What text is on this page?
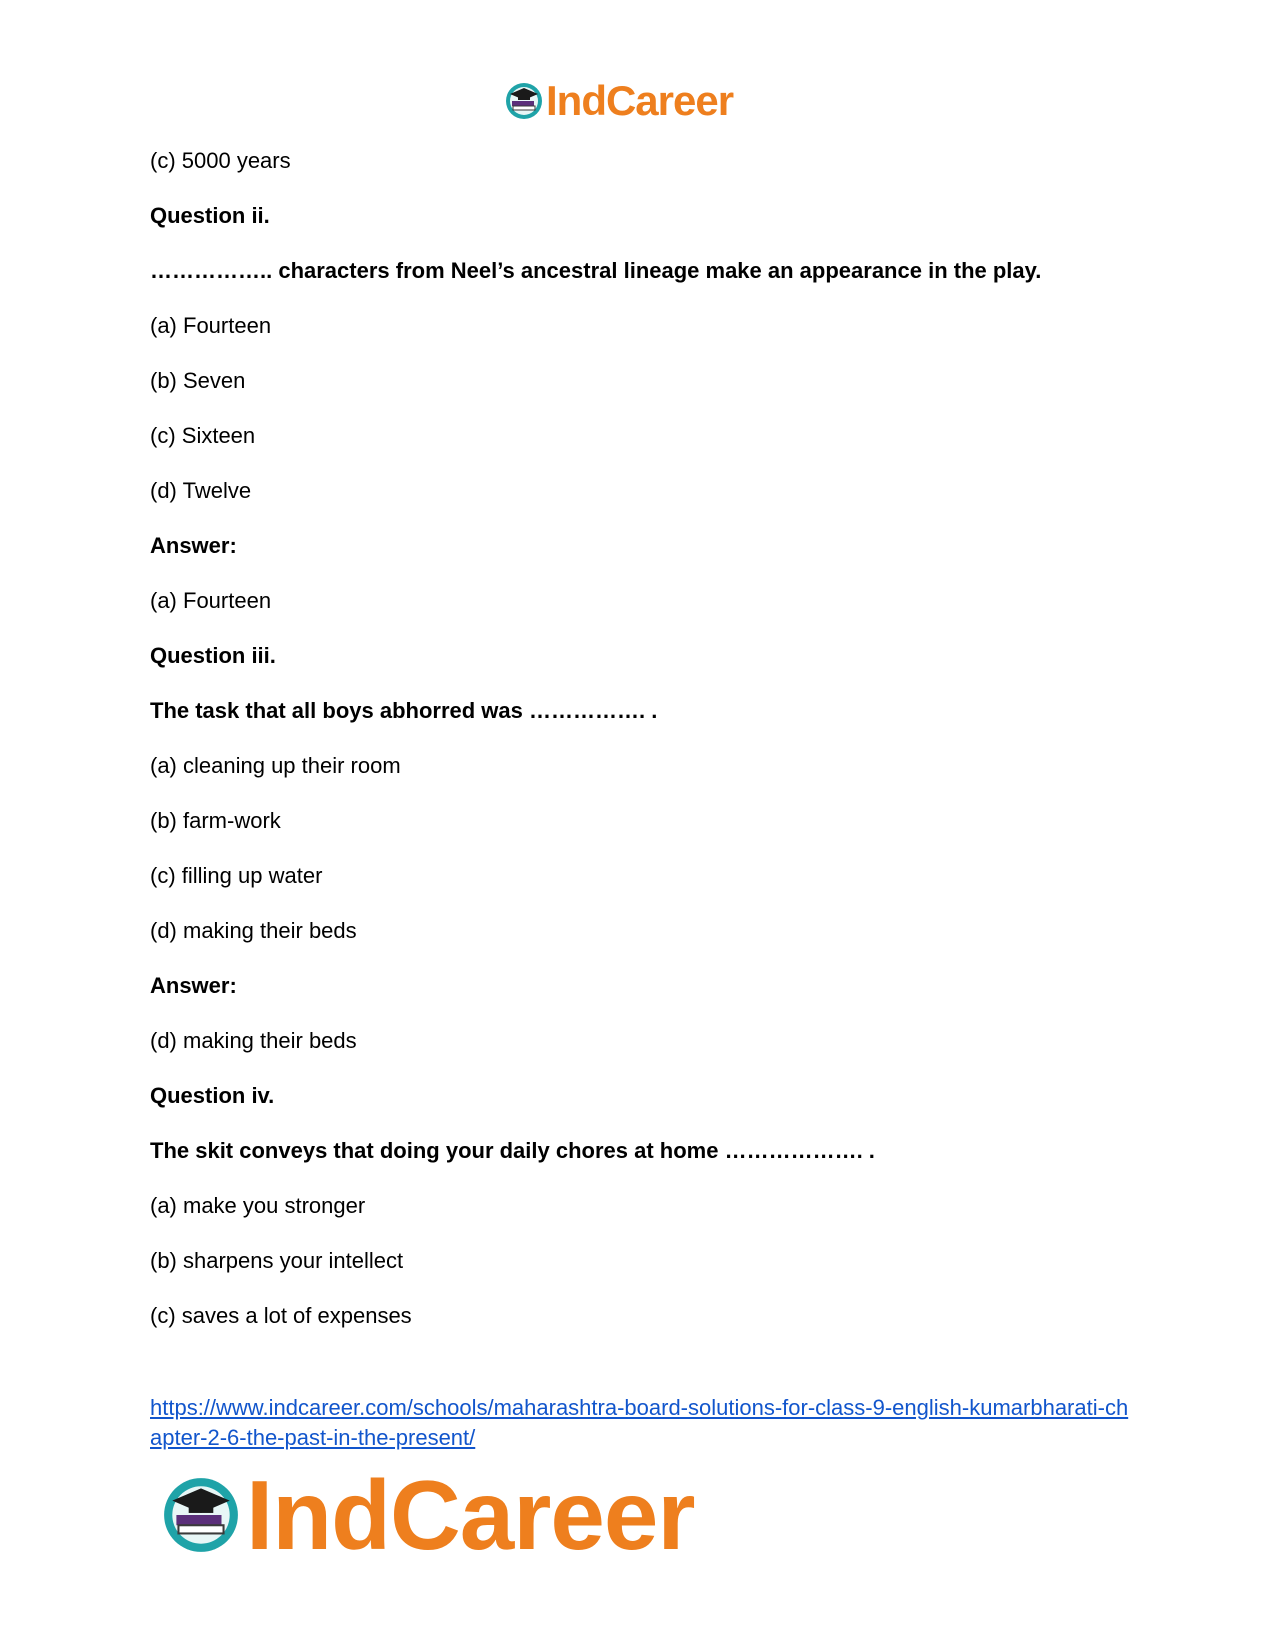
IndCareer
(c) 5000 years
Question ii.
…………….. characters from Neel’s ancestral lineage make an appearance in the play.
(a) Fourteen
(b) Seven
(c) Sixteen
(d) Twelve
Answer:
(a) Fourteen
Question iii.
The task that all boys abhorred was ……………. .
(a) cleaning up their room
(b) farm-work
(c) filling up water
(d) making their beds
Answer:
(d) making their beds
Question iv.
The skit conveys that doing your daily chores at home ………………. .
(a) make you stronger
(b) sharpens your intellect
(c) saves a lot of expenses
https://www.indcareer.com/schools/maharashtra-board-solutions-for-class-9-english-kumarbharati-chapter-2-6-the-past-in-the-present/
IndCareer
